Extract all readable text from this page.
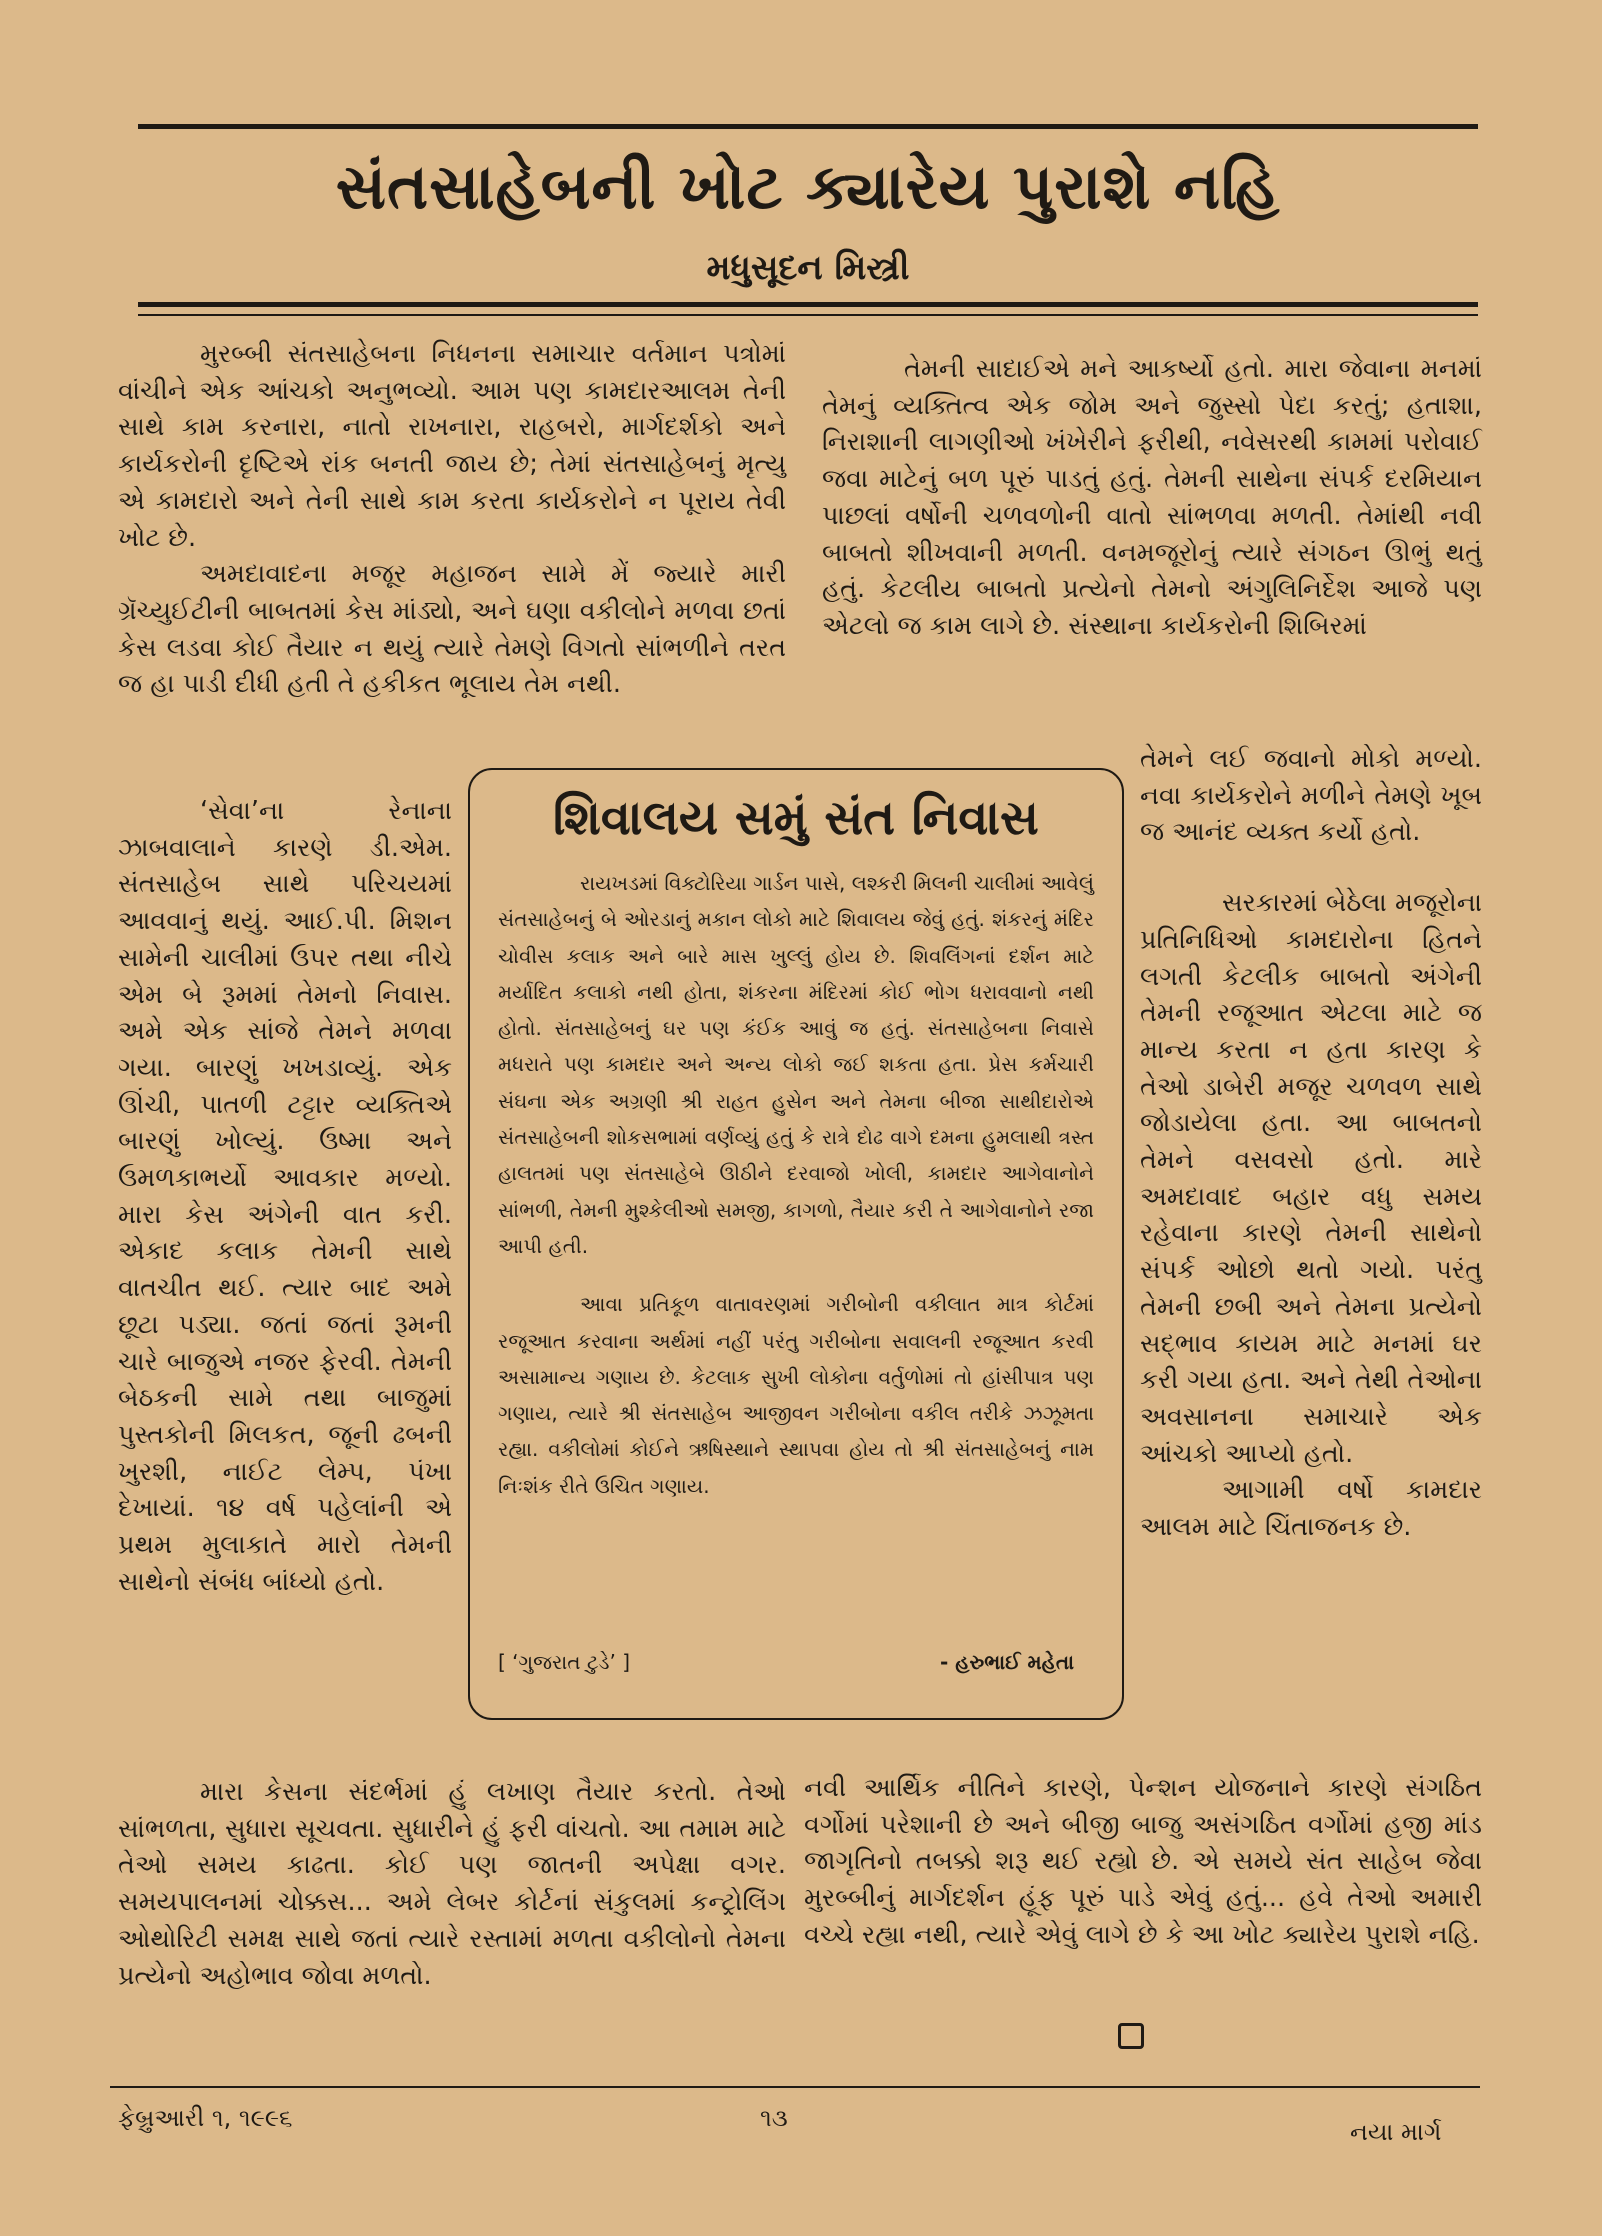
સંતસાહેબની ખોટ ક્યારેય પુરાશે નહિ
મધુસૂદન મિસ્ત્રી

મુરબ્બી સંતસાહેબના નિધનના સમાચાર વર્તમાન પત્રોમાં વાંચીને એક આંચકો અનુભવ્યો. આમ પણ કામદારઆલમ તેની સાથે કામ કરનારા, નાતો રાખનારા, રાહબરો, માર્ગદર્શકો અને કાર્યકરોની દૃષ્ટિએ રાંક બનતી જાય છે; તેમાં સંતસાહેબનું મૃત્યુ એ કામદારો અને તેની સાથે કામ કરતા કાર્યકરોને ન પૂરાય તેવી ખોટ છે.

અમદાવાદના મજૂર મહાજન સામે મેં જ્યારે મારી ગ્રૅચ્યુઈટીની બાબતમાં કેસ માંડ્યો, અને ઘણા વકીલોને મળવા છતાં કેસ લડવા કોઈ તૈયાર ન થયું ત્યારે તેમણે વિગતો સાંભળીને તરત જ હા પાડી દીધી હતી તે હકીકત ભૂલાય તેમ નથી.

‘સેવા’ના રેનાના ઝાબવાલાને કારણે ડી.એમ. સંતસાહેબ સાથે પરિચયમાં આવવાનું થયું. આઈ.પી. મિશન સામેની ચાલીમાં ઉપર તથા નીચે એમ બે રૂમમાં તેમનો નિવાસ. અમે એક સાંજે તેમને મળવા ગયા. બારણું ખખડાવ્યું. એક ઊંચી, પાતળી ટટ્ટાર વ્યક્તિએ બારણું ખોલ્યું. ઉષ્મા અને ઉમળકાભર્યો આવકાર મળ્યો. મારા કેસ અંગેની વાત કરી. એકાદ કલાક તેમની સાથે વાતચીત થઈ. ત્યાર બાદ અમે છૂટા પડ્યા. જતાં જતાં રૂમની ચારે બાજુએ નજર ફેરવી. તેમની બેઠકની સામે તથા બાજુમાં પુસ્તકોની મિલકત, જૂની ઢબની ખુરશી, નાઈટ લેમ્પ, પંખા દેખાયાં. ૧૪ વર્ષ પહેલાંની એ પ્રથમ મુલાકાતે મારો તેમની સાથેનો સંબંધ બાંધ્યો હતો.

મારા કેસના સંદર્ભમાં હું લખાણ તૈયાર કરતો. તેઓ સાંભળતા, સુધારા સૂચવતા. સુધારીને હું ફરી વાંચતો. આ તમામ માટે તેઓ સમય કાઢતા. કોઈ પણ જાતની અપેક્ષા વગર. સમયપાલનમાં ચોક્કસ... અમે લેબર કોર્ટનાં સંકુલમાં કન્ટ્રોલિંગ ઓથોરિટી સમક્ષ સાથે જતાં ત્યારે રસ્તામાં મળતા વકીલોનો તેમના પ્રત્યેનો અહોભાવ જોવા મળતો.

તેમની સાદાઈએ મને આકર્ષ્યો હતો. મારા જેવાના મનમાં તેમનું વ્યક્તિત્વ એક જોમ અને જુસ્સો પેદા કરતું; હતાશા, નિરાશાની લાગણીઓ ખંખેરીને ફરીથી, નવેસરથી કામમાં પરોવાઈ જવા માટેનું બળ પૂરું પાડતું હતું. તેમની સાથેના સંપર્ક દરમિયાન પાછલાં વર્ષોની ચળવળોની વાતો સાંભળવા મળતી. તેમાંથી નવી બાબતો શીખવાની મળતી. વનમજૂરોનું ત્યારે સંગઠન ઊભું થતું હતું. કેટલીય બાબતો પ્રત્યેનો તેમનો અંગુલિનિર્દેશ આજે પણ એટલો જ કામ લાગે છે. સંસ્થાના કાર્યકરોની શિબિરમાં

તેમને લઈ જવાનો મોકો મળ્યો. નવા કાર્યકરોને મળીને તેમણે ખૂબ જ આનંદ વ્યક્ત કર્યો હતો.

સરકારમાં બેઠેલા મજૂરોના પ્રતિનિધિઓ કામદારોના હિતને લગતી કેટલીક બાબતો અંગેની તેમની રજૂઆત એટલા માટે જ માન્ય કરતા ન હતા કારણ કે તેઓ ડાબેરી મજૂર ચળવળ સાથે જોડાયેલા હતા. આ બાબતનો તેમને વસવસો હતો. મારે અમદાવાદ બહાર વધુ સમય રહેવાના કારણે તેમની સાથેનો સંપર્ક ઓછો થતો ગયો. પરંતુ તેમની છબી અને તેમના પ્રત્યેનો સદ્ભાવ કાયમ માટે મનમાં ઘર કરી ગયા હતા. અને તેથી તેઓના અવસાનના સમાચારે એક આંચકો આપ્યો હતો.

આગામી વર્ષો કામદાર આલમ માટે ચિંતાજનક છે.

નવી આર્થિક નીતિને કારણે, પેન્શન યોજનાને કારણે સંગઠિત વર્ગોમાં પરેશાની છે અને બીજી બાજુ અસંગઠિત વર્ગોમાં હજી માંડ જાગૃતિનો તબક્કો શરૂ થઈ રહ્યો છે. એ સમયે સંત સાહેબ જેવા મુરબ્બીનું માર્ગદર્શન હૂંફ પૂરું પાડે એવું હતું... હવે તેઓ અમારી વચ્ચે રહ્યા નથી, ત્યારે એવું લાગે છે કે આ ખોટ ક્યારેય પુરાશે નહિ.

શિવાલય સમું સંત નિવાસ

રાયખડમાં વિક્ટોરિયા ગાર્ડન પાસે, લશ્કરી મિલની ચાલીમાં આવેલું સંતસાહેબનું બે ઓરડાનું મકાન લોકો માટે શિવાલય જેવું હતું. શંકરનું મંદિર ચોવીસ કલાક અને બારે માસ ખુલ્લું હોય છે. શિવલિંગનાં દર્શન માટે મર્યાદિત કલાકો નથી હોતા, શંકરના મંદિરમાં કોઈ ભોગ ધરાવવાનો નથી હોતો. સંતસાહેબનું ઘર પણ કંઈક આવું જ હતું. સંતસાહેબના નિવાસે મધરાતે પણ કામદાર અને અન્ય લોકો જઈ શકતા હતા. પ્રેસ કર્મચારી સંઘના એક અગ્રણી શ્રી રાહત હુસેન અને તેમના બીજા સાથીદારોએ સંતસાહેબની શોકસભામાં વર્ણવ્યું હતું કે રાત્રે દોઢ વાગે દમના હુમલાથી ત્રસ્ત હાલતમાં પણ સંતસાહેબે ઊઠીને દરવાજો ખોલી, કામદાર આગેવાનોને સાંભળી, તેમની મુશ્કેલીઓ સમજી, કાગળો, તૈયાર કરી તે આગેવાનોને રજા આપી હતી.

આવા પ્રતિકૂળ વાતાવરણમાં ગરીબોની વકીલાત માત્ર કોર્ટમાં રજૂઆત કરવાના અર્થમાં નહીં પરંતુ ગરીબોના સવાલની રજૂઆત કરવી અસામાન્ય ગણાય છે. કેટલાક સુખી લોકોના વર્તુળોમાં તો હાંસીપાત્ર પણ ગણાય, ત્યારે શ્રી સંતસાહેબ આજીવન ગરીબોના વકીલ તરીકે ઝઝૂમતા રહ્યા. વકીલોમાં કોઈને ઋષિસ્થાને સ્થાપવા હોય તો શ્રી સંતસાહેબનું નામ નિઃશંક રીતે ઉચિત ગણાય.

[ ‘ગુજરાત ટુડે’ ]	- હરુભાઈ મહેતા
ફેબ્રુઆરી ૧, ૧૯૯૬	૧૩	નયા માર્ગ
